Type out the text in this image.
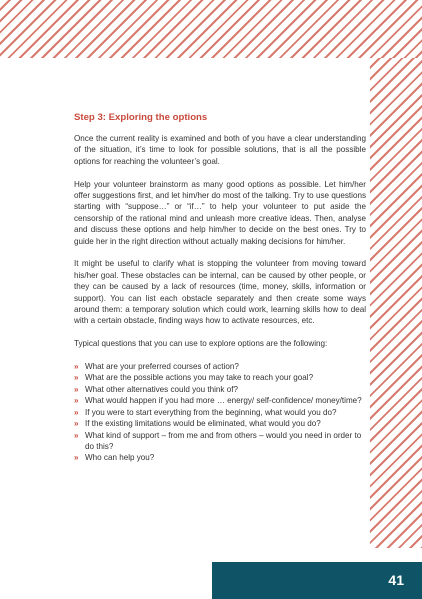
Step 3: Exploring the options

Once the current reality is examined and both of you have a clear understanding of the situation, it’s time to look for possible solutions, that is all the possible options for reaching the volunteer’s goal.

Help your volunteer brainstorm as many good options as possible. Let him/her offer suggestions first, and let him/her do most of the talking. Try to use questions starting with “suppose…” or “if…” to help your volunteer to put aside the censorship of the rational mind and unleash more creative ideas. Then, analyse and discuss these options and help him/her to decide on the best ones. Try to guide her in the right direction without actually making decisions for him/her.

It might be useful to clarify what is stopping the volunteer from moving toward his/her goal. These obstacles can be internal, can be caused by other people, or they can be caused by a lack of resources (time, money, skills, information or support). You can list each obstacle separately and then create some ways around them: a temporary solution which could work, learning skills how to deal with a certain obstacle, finding ways how to activate resources, etc.

Typical questions that you can use to explore options are the following:

» What are your preferred courses of action?
» What are the possible actions you may take to reach your goal?
» What other alternatives could you think of?
» What would happen if you had more … energy/ self-confidence/ money/time?
» If you were to start everything from the beginning, what would you do?
» If the existing limitations would be eliminated, what would you do?
» What kind of support – from me and from others – would you need in order to do this?
» Who can help you?
41
